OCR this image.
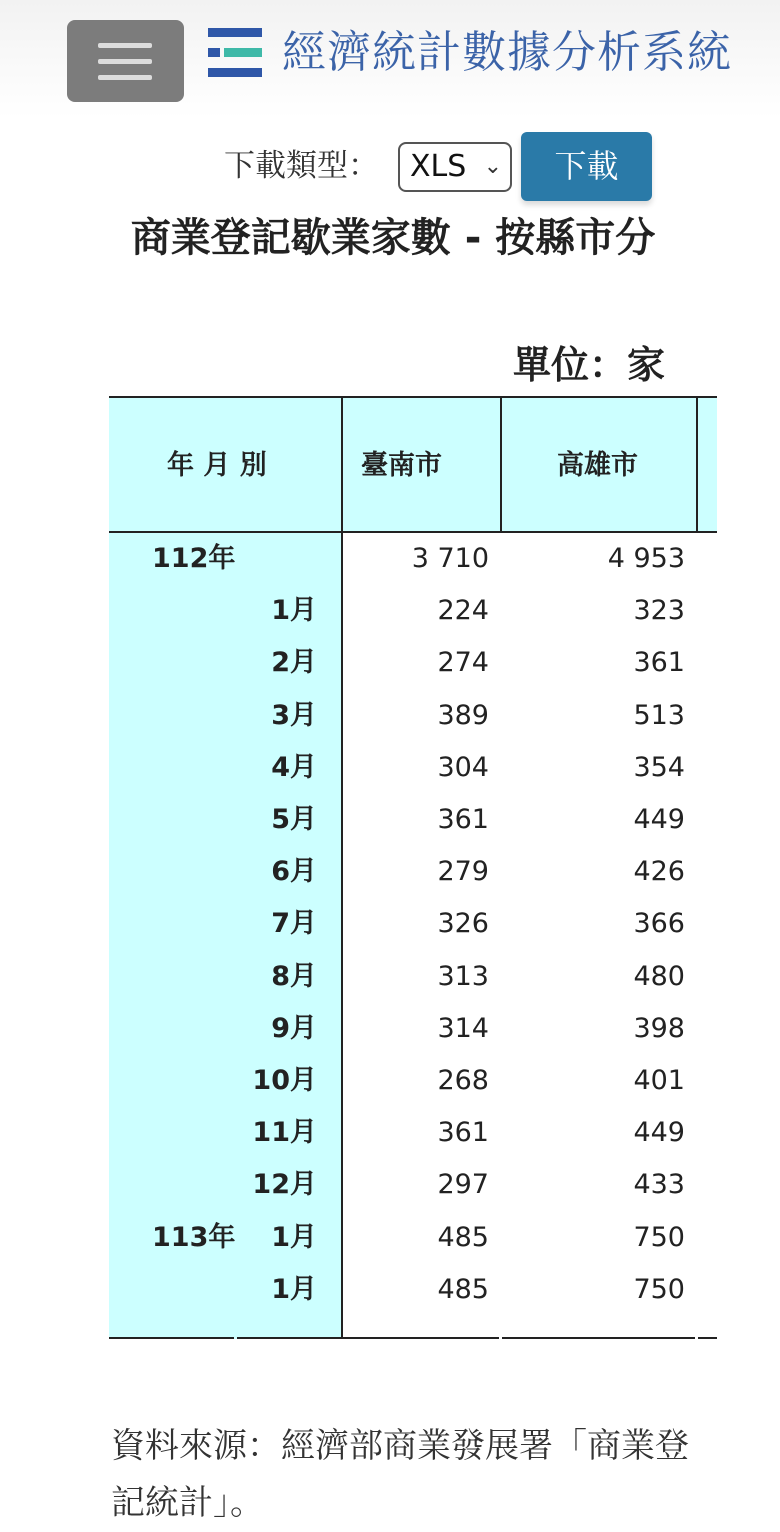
經濟統計數據分析系統
下載類型：	XLS ⌄	下載
商業登記歇業家數 - 按縣市分
單位：家
年 月 別	臺南市	高雄市
112年	3 710	4 953
1月	224	323
2月	274	361
3月	389	513
4月	304	354
5月	361	449
6月	279	426
7月	326	366
8月	313	480
9月	314	398
10月	268	401
11月	361	449
12月	297	433
113年	1月	485	750
1月	485	750
資料來源：經濟部商業發展署「商業登記統計」。
